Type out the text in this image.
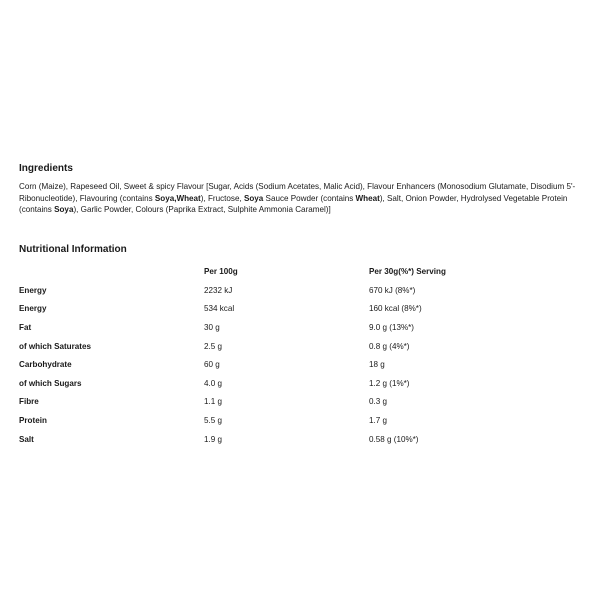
Ingredients

Corn (Maize), Rapeseed Oil, Sweet & spicy Flavour [Sugar, Acids (Sodium Acetates, Malic Acid), Flavour Enhancers (Monosodium Glutamate, Disodium 5'-Ribonucleotide), Flavouring (contains Soya,Wheat), Fructose, Soya Sauce Powder (contains Wheat), Salt, Onion Powder, Hydrolysed Vegetable Protein (contains Soya), Garlic Powder, Colours (Paprika Extract, Sulphite Ammonia Caramel)]

Nutritional Information
	Per 100g	Per 30g(%*) Serving
Energy	2232 kJ	670 kJ (8%*)
Energy	534 kcal	160 kcal (8%*)
Fat	30 g	9.0 g (13%*)
of which Saturates	2.5 g	0.8 g (4%*)
Carbohydrate	60 g	18 g
of which Sugars	4.0 g	1.2 g (1%*)
Fibre	1.1 g	0.3 g
Protein	5.5 g	1.7 g
Salt	1.9 g	0.58 g (10%*)
